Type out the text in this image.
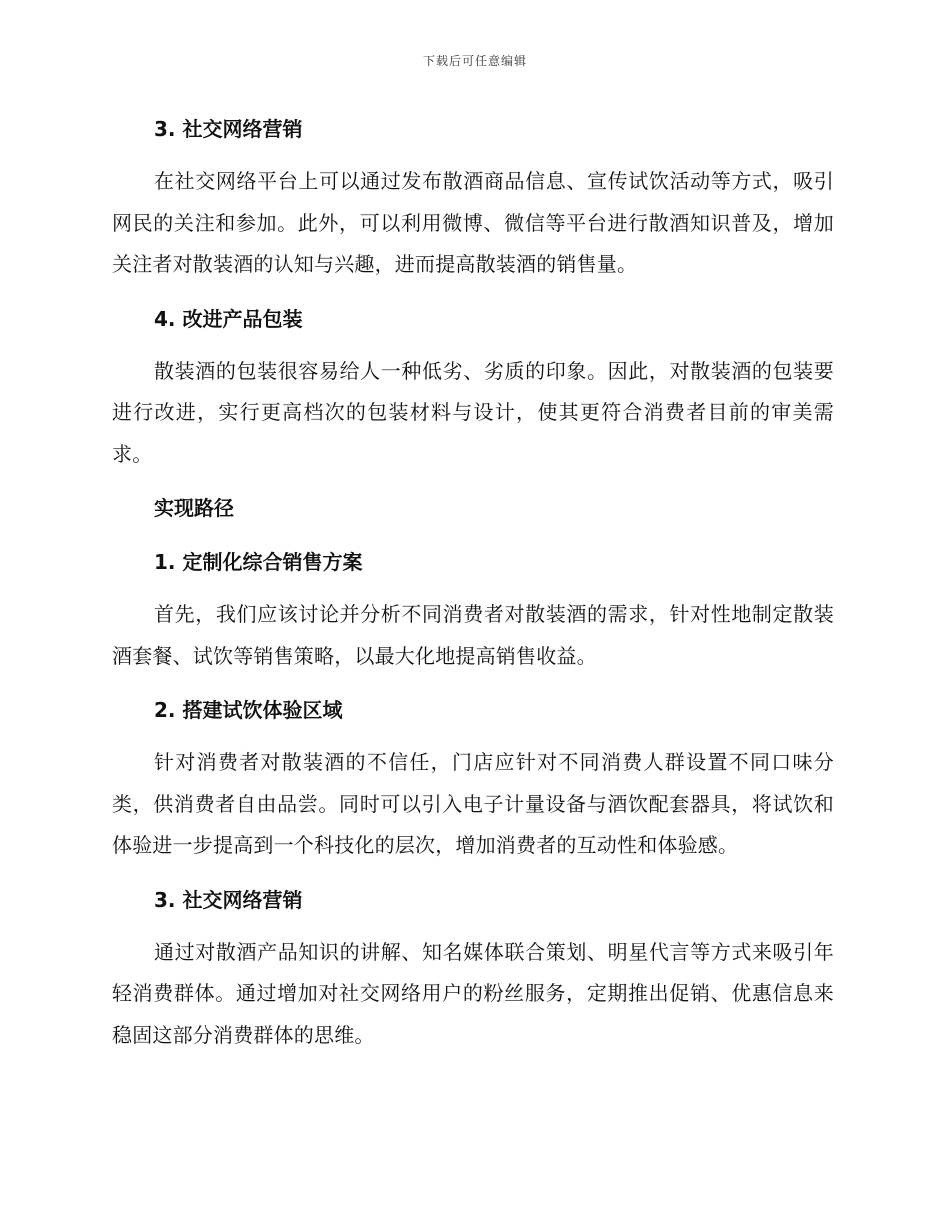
下载后可任意编辑
3. 社交网络营销

在社交网络平台上可以通过发布散酒商品信息、宣传试饮活动等方式，吸引网民的关注和参加。此外，可以利用微博、微信等平台进行散酒知识普及，增加关注者对散装酒的认知与兴趣，进而提高散装酒的销售量。

4. 改进产品包装

散装酒的包装很容易给人一种低劣、劣质的印象。因此，对散装酒的包装要进行改进，实行更高档次的包装材料与设计，使其更符合消费者目前的审美需求。

实现路径
1. 定制化综合销售方案

首先，我们应该讨论并分析不同消费者对散装酒的需求，针对性地制定散装酒套餐、试饮等销售策略，以最大化地提高销售收益。

2. 搭建试饮体验区域

针对消费者对散装酒的不信任，门店应针对不同消费人群设置不同口味分类，供消费者自由品尝。同时可以引入电子计量设备与酒饮配套器具，将试饮和体验进一步提高到一个科技化的层次，增加消费者的互动性和体验感。

3. 社交网络营销

通过对散酒产品知识的讲解、知名媒体联合策划、明星代言等方式来吸引年轻消费群体。通过增加对社交网络用户的粉丝服务，定期推出促销、优惠信息来稳固这部分消费群体的思维。
